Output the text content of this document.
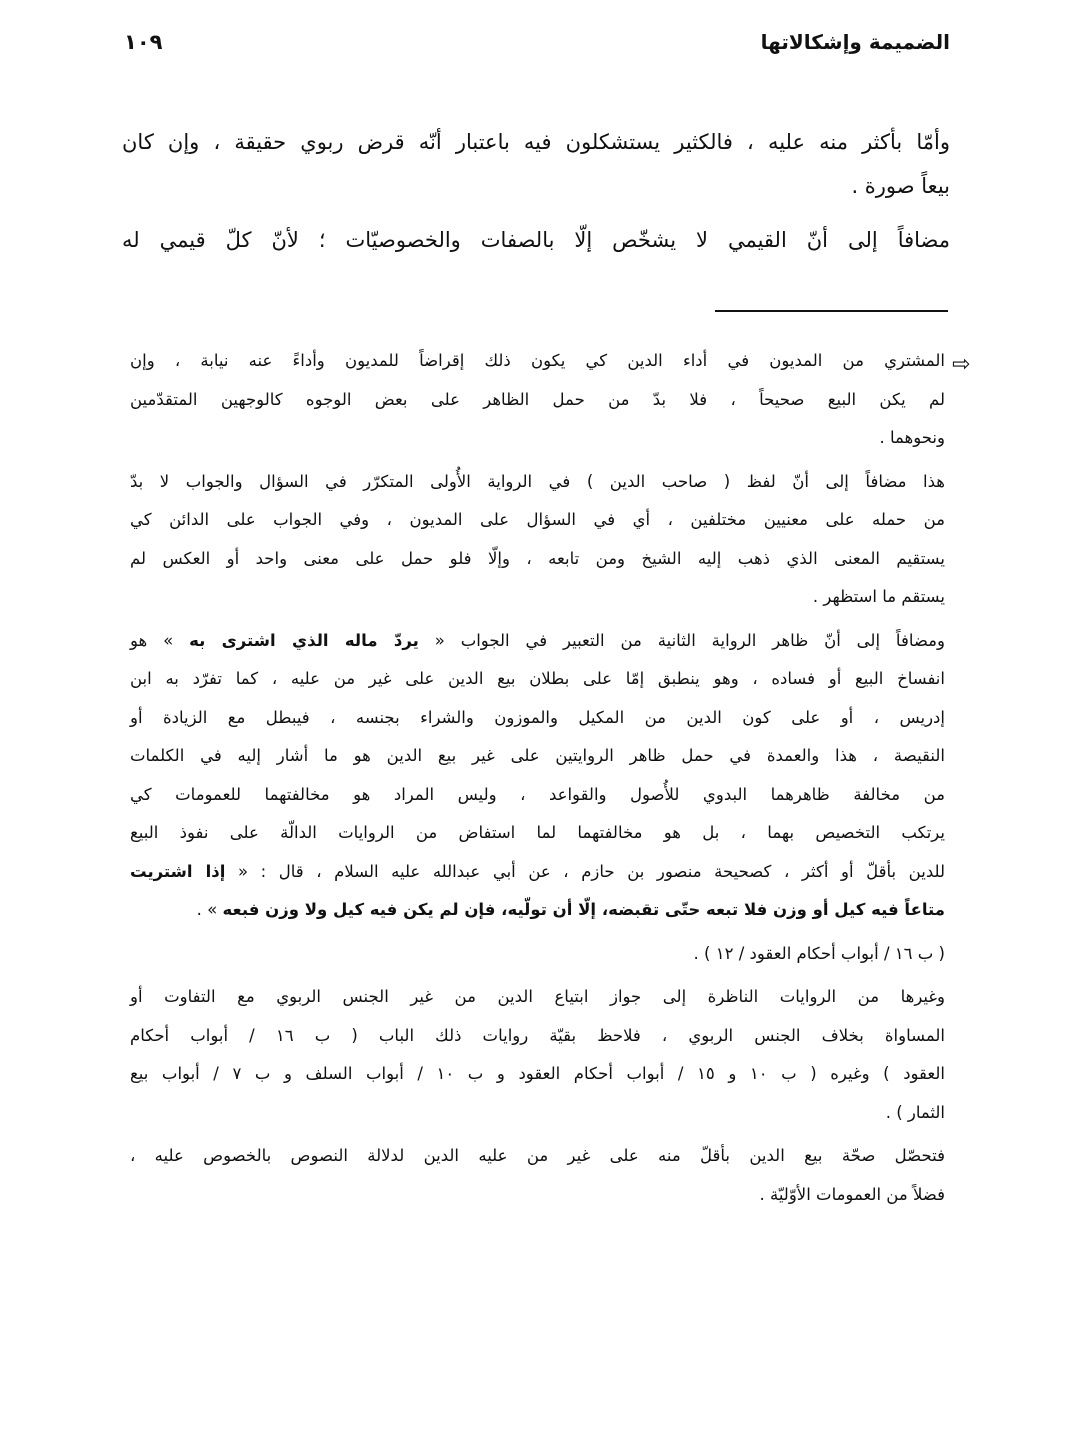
الضميمة وإشكالاتها
١٠٩
وأمّا بأكثر منه عليه ، فالكثير يستشكلون فيه باعتبار أنّه قرض ربوي حقيقة ، وإن كان
بيعاً صورة .
مضافاً إلى أنّ القيمي لا يشخّص إلّا بالصفات والخصوصيّات ؛ لأنّ كلّ قيمي له
⇨
المشتري من المديون في أداء الدين كي يكون ذلك إقراضاً للمديون وأداءً عنه نيابة ، وإن
لم يكن البيع صحيحاً ، فلا بدّ من حمل الظاهر على بعض الوجوه كالوجهين المتقدّمين
ونحوهما .
هذا مضافاً إلى أنّ لفظ ( صاحب الدين ) في الرواية الأُولى المتكرّر في السؤال والجواب لا بدّ
من حمله على معنيين مختلفين ، أي في السؤال على المديون ، وفي الجواب على الدائن كي
يستقيم المعنى الذي ذهب إليه الشيخ ومن تابعه ، وإلّا فلو حمل على معنى واحد أو العكس لم
يستقم ما استظهر .
ومضافاً إلى أنّ ظاهر الرواية الثانية من التعبير في الجواب « يردّ ماله الذي اشترى به » هو
انفساخ البيع أو فساده ، وهو ينطبق إمّا على بطلان بيع الدين على غير من عليه ، كما تفرّد به ابن
إدريس ، أو على كون الدين من المكيل والموزون والشراء بجنسه ، فيبطل مع الزيادة أو
النقيصة ، هذا والعمدة في حمل ظاهر الروايتين على غير بيع الدين هو ما أشار إليه في الكلمات
من مخالفة ظاهرهما البدوي للأُصول والقواعد ، وليس المراد هو مخالفتهما للعمومات كي
يرتكب التخصيص بهما ، بل هو مخالفتهما لما استفاض من الروايات الدالّة على نفوذ البيع
للدين بأقلّ أو أكثر ، كصحيحة منصور بن حازم ، عن أبي عبدالله عليه السلام ، قال : « إذا اشتريت
متاعاً فيه كيل أو وزن فلا تبعه حتّى تقبضه، إلّا أن تولّيه، فإن لم يكن فيه كيل ولا وزن فبعه » .
( ب ١٦ / أبواب أحكام العقود / ١٢ ) .
وغيرها من الروايات الناظرة إلى جواز ابتياع الدين من غير الجنس الربوي مع التفاوت أو
المساواة بخلاف الجنس الربوي ، فلاحظ بقيّة روايات ذلك الباب ( ب ١٦ / أبواب أحكام
العقود ) وغيره ( ب ١٠ و ١٥ / أبواب أحكام العقود و ب ١٠ / أبواب السلف و ب ٧ / أبواب بيع
الثمار ) .
فتحصّل صحّة بيع الدين بأقلّ منه على غير من عليه الدين لدلالة النصوص بالخصوص عليه ،
فضلاً من العمومات الأوّليّة .
